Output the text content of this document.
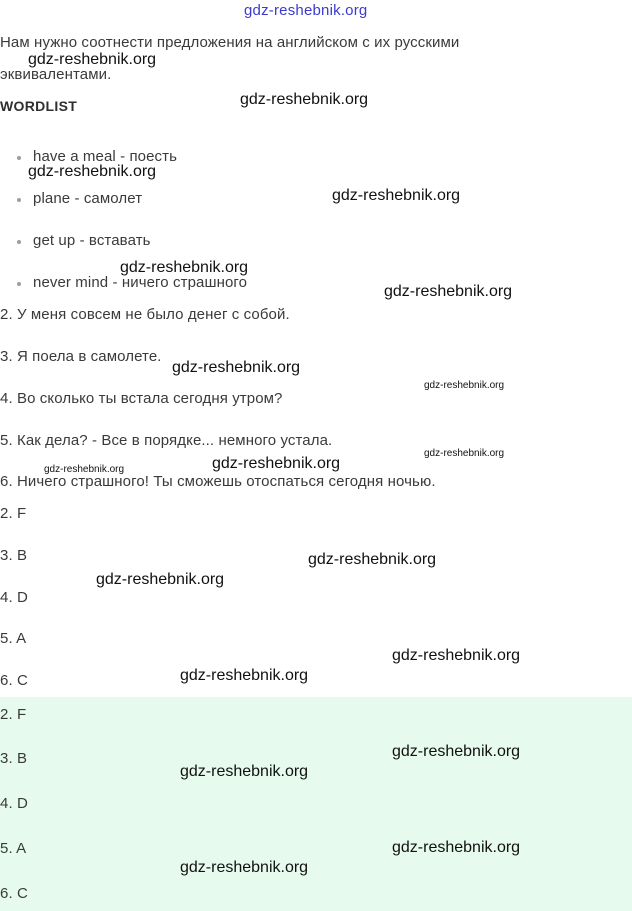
gdz-reshebnik.org
Нам нужно соотнести предложения на английском с их русскими
эквивалентами.
WORDLIST
have a meal - поесть
plane - самолет
get up - вставать
never mind - ничего страшного
2. У меня совсем не было денег с собой.
3. Я поела в самолете.
4. Во сколько ты встала сегодня утром?
5. Как дела? - Все в порядке... немного устала.
6. Ничего страшного! Ты сможешь отоспаться сегодня ночью.
2. F
3. B
4. D
5. A
6. C
2. F
3. B
4. D
5. A
6. C
gdz-reshebnik.org
gdz-reshebnik.org
gdz-reshebnik.org
gdz-reshebnik.org
gdz-reshebnik.org
gdz-reshebnik.org
gdz-reshebnik.org
gdz-reshebnik.org
gdz-reshebnik.org
gdz-reshebnik.org
gdz-reshebnik.org
gdz-reshebnik.org
gdz-reshebnik.org
gdz-reshebnik.org
gdz-reshebnik.org
gdz-reshebnik.org
gdz-reshebnik.org
gdz-reshebnik.org
gdz-reshebnik.org
